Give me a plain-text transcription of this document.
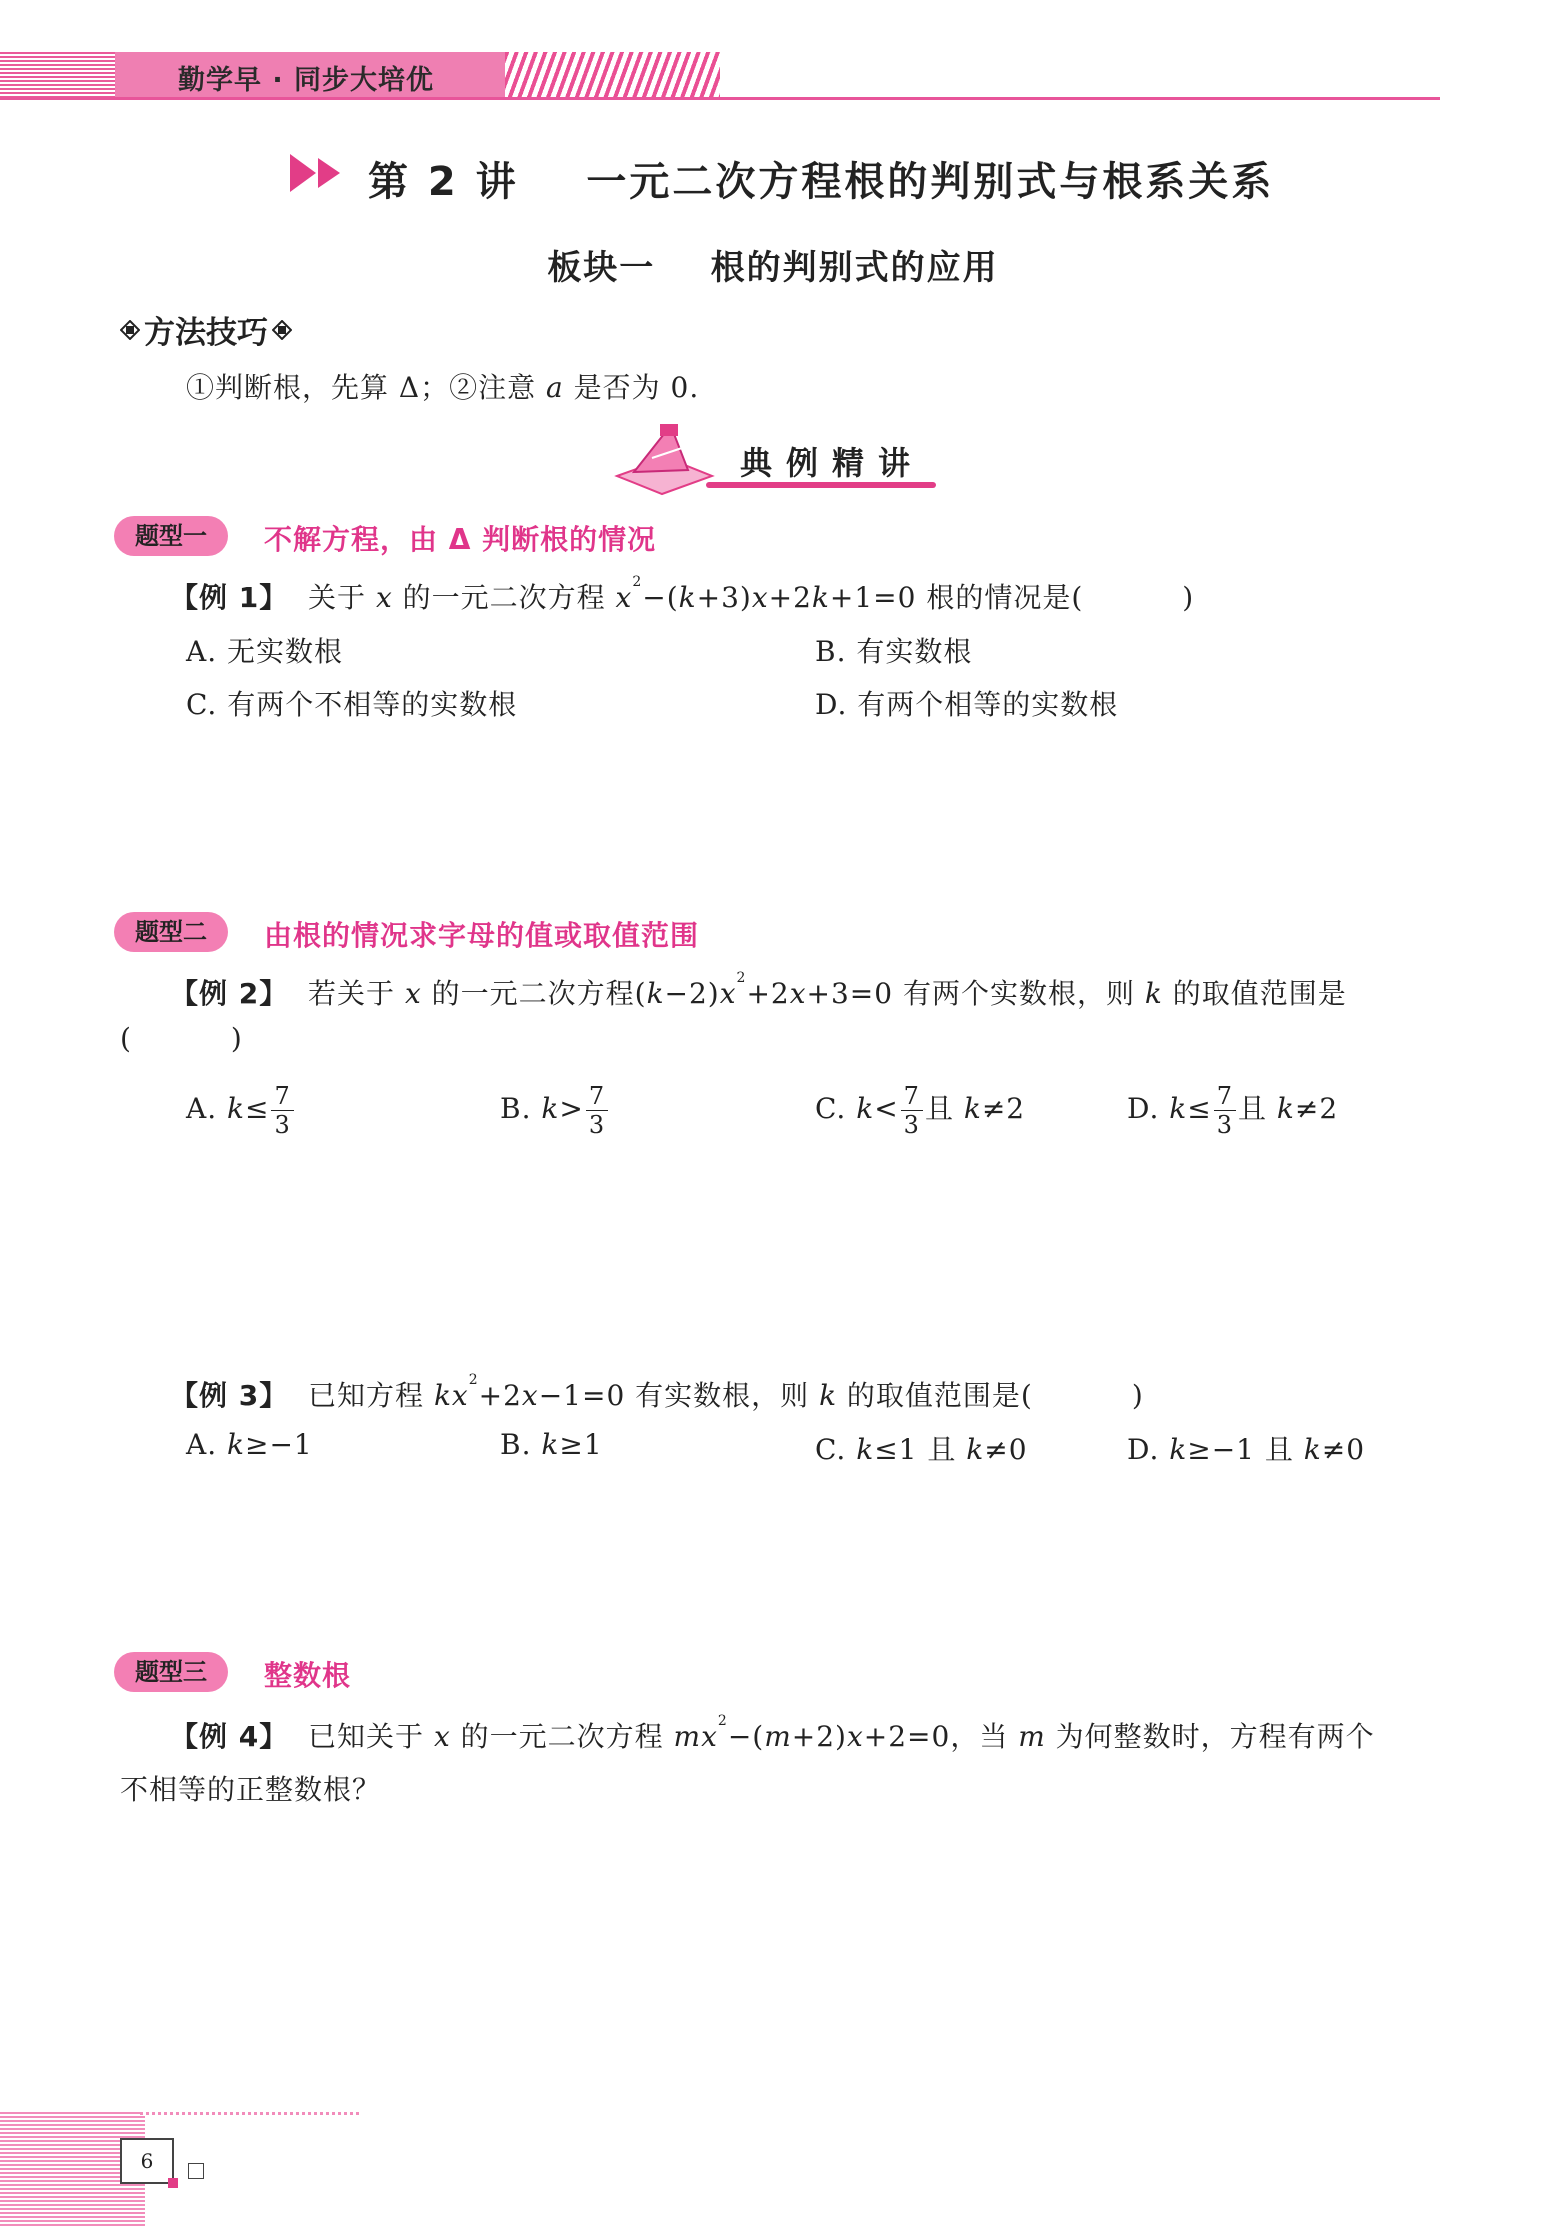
勤学早 · 同步大培优
第 2 讲    一元二次方程根的判别式与根系关系
板块一    根的判别式的应用
方法技巧
①判断根，先算 Δ；②注意 a 是否为 0.
典例精讲
题型一	不解方程，由 Δ 判断根的情况
【例 1】  关于 x 的一元二次方程 $x^2-(k+3)x+2k+1=0$ 根的情况是(          )
A. 无实数根	B. 有实数根
C. 有两个不相等的实数根	D. 有两个相等的实数根
题型二	由根的情况求字母的值或取值范围
【例 2】  若关于 x 的一元二次方程$(k-2)x^2+2x+3=0$ 有两个实数根，则 k 的取值范围是
(          )
A. $k\le \frac{7}{3}$	B. $k> \frac{7}{3}$	C. $k< \frac{7}{3}$ 且 k≠2	D. $k\le \frac{7}{3}$ 且 k≠2
【例 3】  已知方程 $kx^2+2x-1=0$ 有实数根，则 k 的取值范围是(          )
A. k≥−1	B. k≥1	C. k≤1 且 k≠0	D. k≥−1 且 k≠0
题型三	整数根
【例 4】  已知关于 x 的一元二次方程 $mx^2-(m+2)x+2=0$，当 m 为何整数时，方程有两个
不相等的正整数根？
6
